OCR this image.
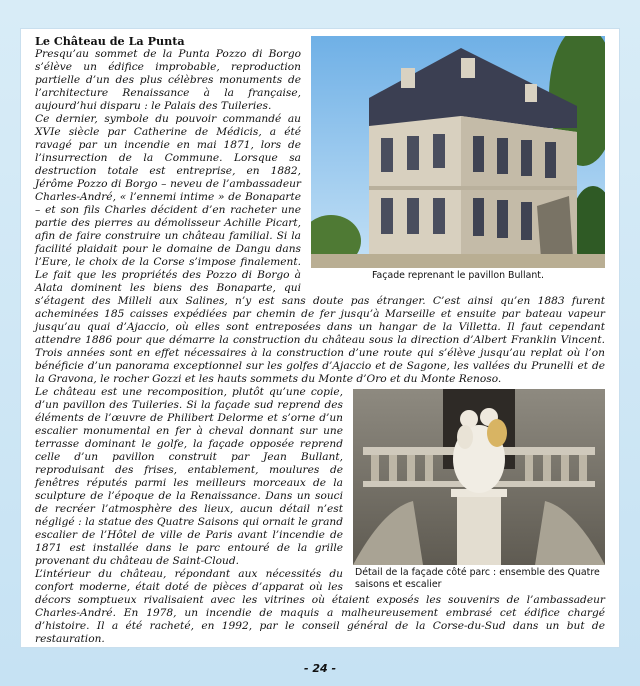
Façade reprenant le pavillon Bullant.

Le Château de La Punta

Presqu’au sommet de la Punta Pozzo di Borgo s’élève un édifice improbable, reproduction partielle d’un des plus célèbres monuments de l’architecture Renaissance à la française, aujourd’hui disparu : le Palais des Tuileries.

Ce dernier, symbole du pouvoir commandé au XVIe siècle par Catherine de Médicis, a été ravagé par un incendie en mai 1871, lors de l’insurrection de la Commune. Lorsque sa destruction totale est entreprise, en 1882, Jérôme Pozzo di Borgo – neveu de l’ambassadeur Charles-André, « l’ennemi intime » de Bonaparte – et son fils Charles décident d’en racheter une partie des pierres au démolisseur Achille Picart, afin de faire construire un château familial. Si la facilité plaidait pour le domaine de Dangu dans l’Eure, le choix de la Corse s’impose finalement. Le fait que les propriétés des Pozzo di Borgo à Alata dominent les biens des Bonaparte, qui s’étagent des Milleli aux Salines, n’y est sans doute pas étranger. C’est ainsi qu’en 1883 furent acheminées 185 caisses expédiées par chemin de fer jusqu’à Marseille et ensuite par bateau vapeur jusqu’au quai d’Ajaccio, où elles sont entreposées dans un hangar de la Villetta. Il faut cependant attendre 1886 pour que démarre la construction du château sous la direction d’Albert Franklin Vincent. Trois années sont en effet nécessaires à la construction d’une route qui s’élève jusqu’au replat où l’on bénéficie d’un panorama exceptionnel sur les golfes d’Ajaccio et de Sagone, les vallées du Prunelli et de la Gravona, le rocher Gozzi et les hauts sommets du Monte d’Oro et du Monte Renoso.

Détail de la façade côté parc : ensemble des Quatre saisons et escalier

Le château est une recomposition, plutôt qu’une copie, d’un pavillon des Tuileries. Si la façade sud reprend des éléments de l’œuvre de Philibert Delorme et s’orne d’un escalier monumental en fer à cheval donnant sur une terrasse dominant le golfe, la façade opposée reprend celle d’un pavillon construit par Jean Bullant, reproduisant des frises, entablement, moulures de fenêtres réputés parmi les meilleurs morceaux de la sculpture de l’époque de la Renaissance. Dans un souci de recréer l’atmosphère des lieux, aucun détail n’est négligé : la statue des Quatre Saisons qui ornait le grand escalier de l’Hôtel de ville de Paris avant l’incendie de 1871 est installée dans le parc entouré de la grille provenant du château de Saint-Cloud.

L’intérieur du château, répondant aux nécessités du confort moderne, était doté de pièces d’apparat où les décors somptueux rivalisaient avec les vitrines où étaient exposés les souvenirs de l’ambassadeur Charles-André. En 1978, un incendie de maquis a malheureusement embrasé cet édifice chargé d’histoire. Il a été racheté, en 1992, par le conseil général de la Corse-du-Sud dans un but de restauration.

- 24 -
